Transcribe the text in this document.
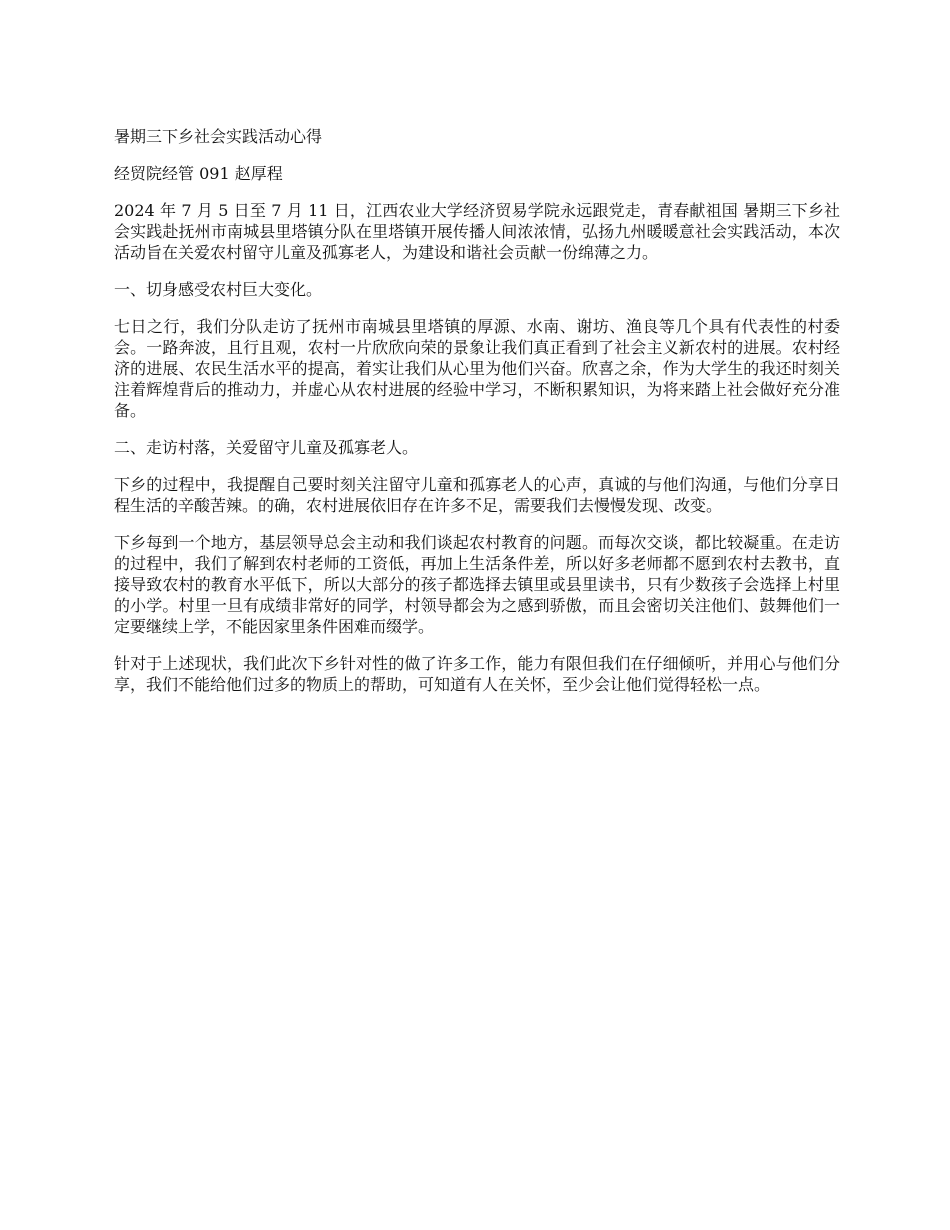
暑期三下乡社会实践活动心得

经贸院经管 091 赵厚程

2024 年 7 月 5 日至 7 月 11 日，江西农业大学经济贸易学院永远跟党走，青春献祖国 暑期三下乡社会实践赴抚州市南城县里塔镇分队在里塔镇开展传播人间浓浓情，弘扬九州暖暖意社会实践活动，本次活动旨在关爱农村留守儿童及孤寡老人，为建设和谐社会贡献一份绵薄之力。

一、切身感受农村巨大变化。

七日之行，我们分队走访了抚州市南城县里塔镇的厚源、水南、谢坊、渔良等几个具有代表性的村委会。一路奔波，且行且观，农村一片欣欣向荣的景象让我们真正看到了社会主义新农村的进展。农村经济的进展、农民生活水平的提高，着实让我们从心里为他们兴奋。欣喜之余，作为大学生的我还时刻关注着辉煌背后的推动力，并虚心从农村进展的经验中学习，不断积累知识，为将来踏上社会做好充分准备。

二、走访村落，关爱留守儿童及孤寡老人。

下乡的过程中，我提醒自己要时刻关注留守儿童和孤寡老人的心声，真诚的与他们沟通，与他们分享日程生活的辛酸苦辣。的确，农村进展依旧存在许多不足，需要我们去慢慢发现、改变。

下乡每到一个地方，基层领导总会主动和我们谈起农村教育的问题。而每次交谈，都比较凝重。在走访的过程中，我们了解到农村老师的工资低，再加上生活条件差，所以好多老师都不愿到农村去教书，直接导致农村的教育水平低下，所以大部分的孩子都选择去镇里或县里读书，只有少数孩子会选择上村里的小学。村里一旦有成绩非常好的同学，村领导都会为之感到骄傲，而且会密切关注他们、鼓舞他们一定要继续上学，不能因家里条件困难而缀学。

针对于上述现状，我们此次下乡针对性的做了许多工作，能力有限但我们在仔细倾听，并用心与他们分享，我们不能给他们过多的物质上的帮助，可知道有人在关怀，至少会让他们觉得轻松一点。
